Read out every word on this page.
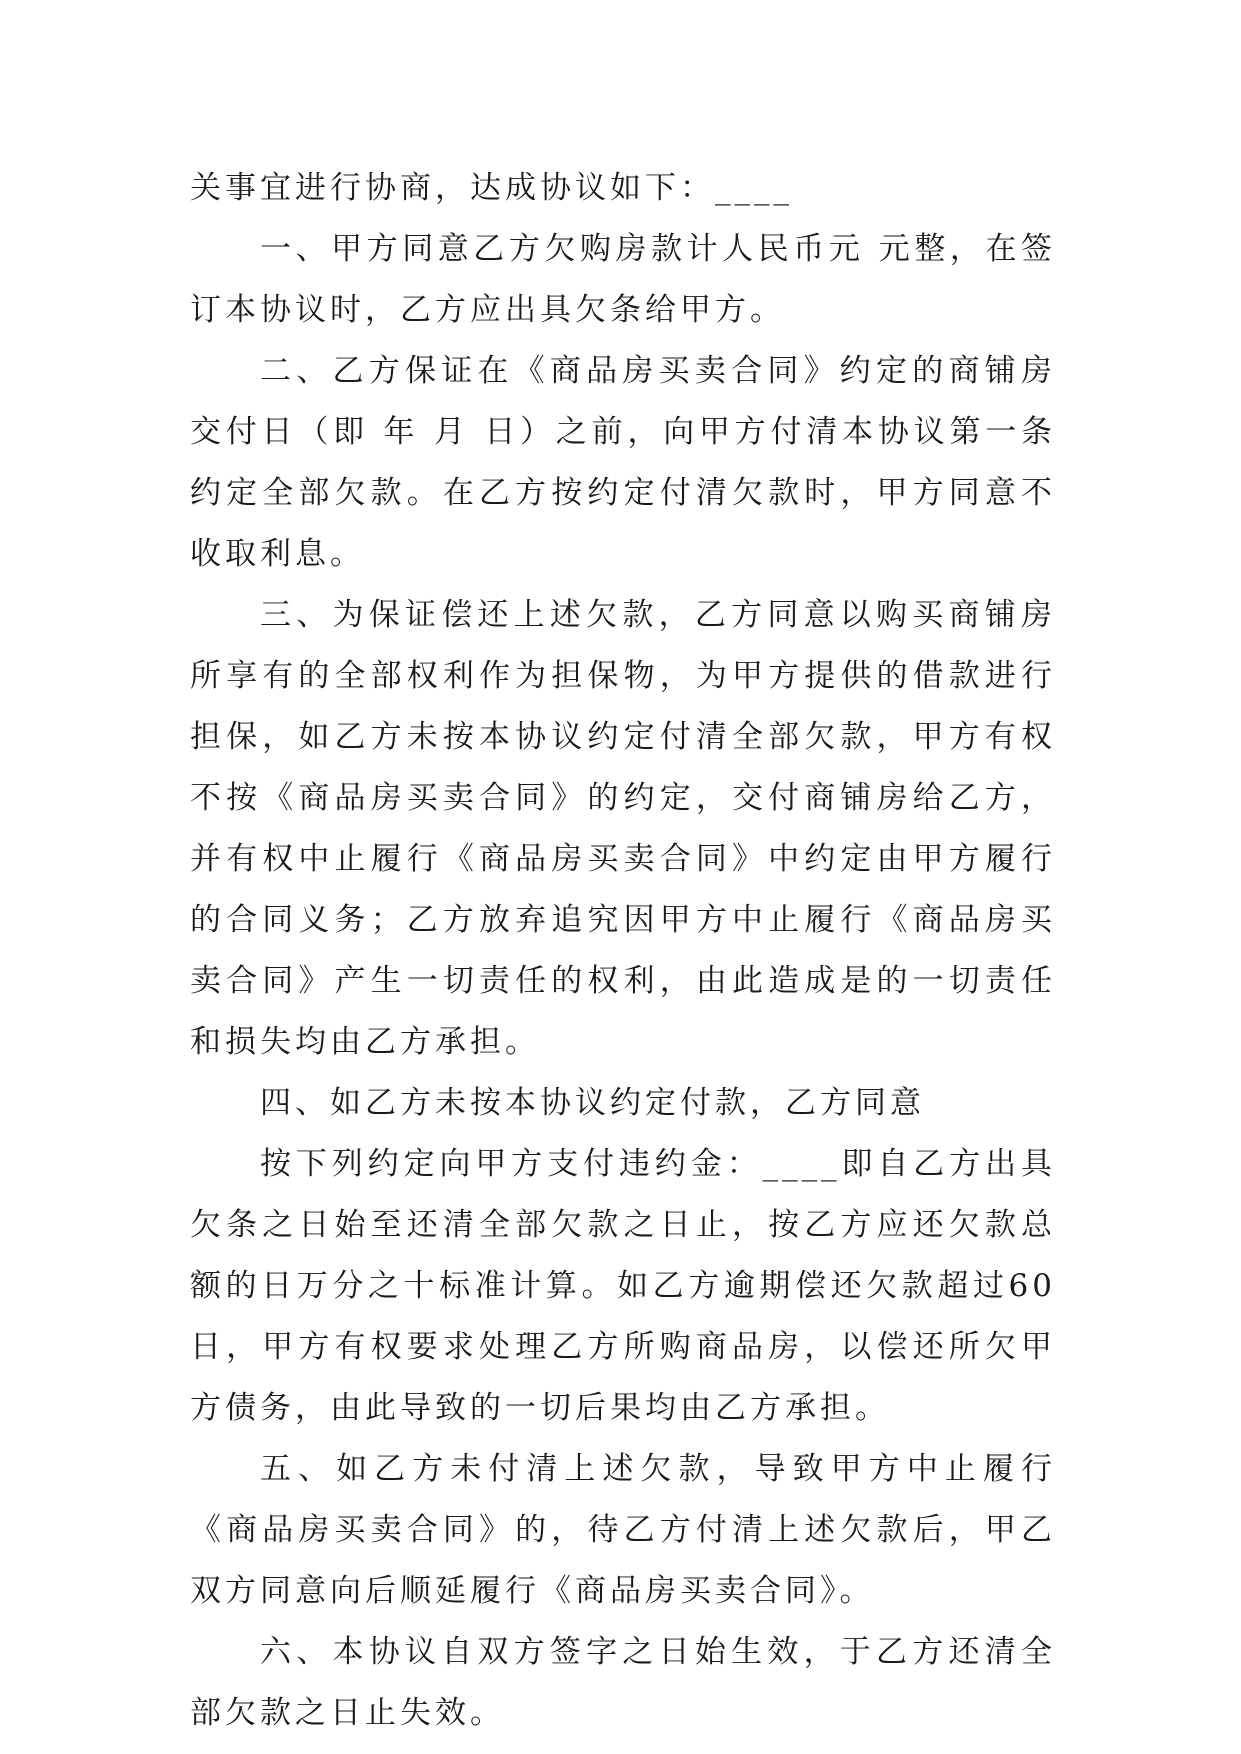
关事宜进行协商，达成协议如下：____

一、甲方同意乙方欠购房款计人民币元 元整，在签订本协议时，乙方应出具欠条给甲方。

二、乙方保证在《商品房买卖合同》约定的商铺房交付日（即 年 月 日）之前，向甲方付清本协议第一条约定全部欠款。在乙方按约定付清欠款时，甲方同意不收取利息。

三、为保证偿还上述欠款，乙方同意以购买商铺房所享有的全部权利作为担保物，为甲方提供的借款进行担保，如乙方未按本协议约定付清全部欠款，甲方有权不按《商品房买卖合同》的约定，交付商铺房给乙方，并有权中止履行《商品房买卖合同》中约定由甲方履行的合同义务；乙方放弃追究因甲方中止履行《商品房买卖合同》产生一切责任的权利，由此造成是的一切责任和损失均由乙方承担。

四、如乙方未按本协议约定付款，乙方同意

按下列约定向甲方支付违约金：____即自乙方出具欠条之日始至还清全部欠款之日止，按乙方应还欠款总额的日万分之十标准计算。如乙方逾期偿还欠款超过60日，甲方有权要求处理乙方所购商品房，以偿还所欠甲方债务，由此导致的一切后果均由乙方承担。

五、如乙方未付清上述欠款，导致甲方中止履行《商品房买卖合同》的，待乙方付清上述欠款后，甲乙双方同意向后顺延履行《商品房买卖合同》。

六、本协议自双方签字之日始生效，于乙方还清全部欠款之日止失效。
